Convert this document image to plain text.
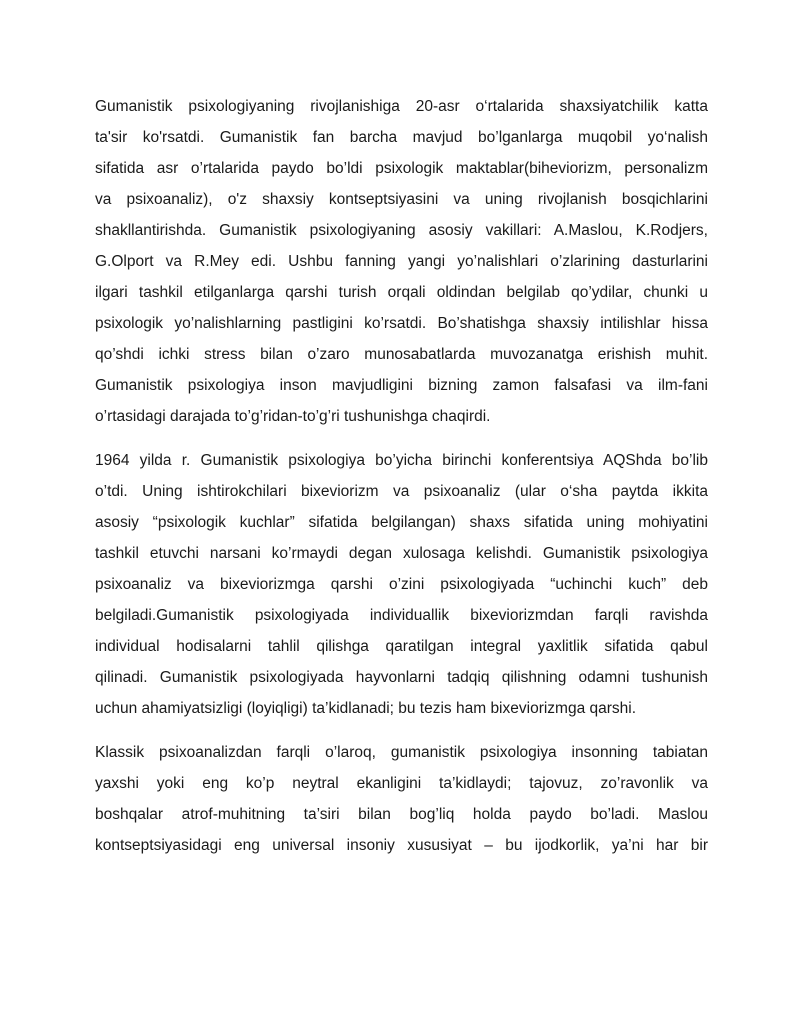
Gumanistik psixologiyaning rivojlanishiga 20-asr o‘rtalarida shaxsiyatchilik katta
ta'sir ko'rsatdi. Gumanistik fan barcha mavjud bo’lganlarga muqobil yo‘nalish
sifatida asr o’rtalarida paydo bo’ldi psixologik maktablar(biheviorizm, personalizm
va psixoanaliz), o'z shaxsiy kontseptsiyasini va uning rivojlanish bosqichlarini
shakllantirishda. Gumanistik psixologiyaning asosiy vakillari: A.Maslou, K.Rodjers,
G.Olport va R.Mey edi. Ushbu fanning yangi yo’nalishlari o’zlarining dasturlarini
ilgari tashkil etilganlarga qarshi turish orqali oldindan belgilab qo’ydilar, chunki u
psixologik yo’nalishlarning pastligini ko’rsatdi. Bo’shatishga shaxsiy intilishlar hissa
qo’shdi ichki stress bilan o’zaro munosabatlarda muvozanatga erishish muhit.
Gumanistik psixologiya inson mavjudligini bizning zamon falsafasi va ilm-fani
o’rtasidagi darajada to’g’ridan-to’g’ri tushunishga chaqirdi.
1964 yilda r. Gumanistik psixologiya bo’yicha birinchi konferentsiya AQShda bo’lib
o’tdi. Uning ishtirokchilari bixeviorizm va psixoanaliz (ular o‘sha paytda ikkita
asosiy “psixologik kuchlar” sifatida belgilangan) shaxs sifatida uning mohiyatini
tashkil etuvchi narsani ko’rmaydi degan xulosaga kelishdi. Gumanistik psixologiya
psixoanaliz va bixeviorizmga qarshi o’zini psixologiyada “uchinchi kuch” deb
belgiladi.Gumanistik psixologiyada individuallik bixeviorizmdan farqli ravishda
individual hodisalarni tahlil qilishga qaratilgan integral yaxlitlik sifatida qabul
qilinadi. Gumanistik psixologiyada hayvonlarni tadqiq qilishning odamni tushunish
uchun ahamiyatsizligi (loyiqligi) ta’kidlanadi; bu tezis ham bixeviorizmga qarshi.
Klassik psixoanalizdan farqli o’laroq, gumanistik psixologiya insonning tabiatan
yaxshi yoki eng ko’p neytral ekanligini ta’kidlaydi; tajovuz, zo’ravonlik va
boshqalar atrof-muhitning ta’siri bilan bog’liq holda paydo bo’ladi. Maslou
kontseptsiyasidagi eng universal insoniy xususiyat – bu ijodkorlik, ya’ni har bir
